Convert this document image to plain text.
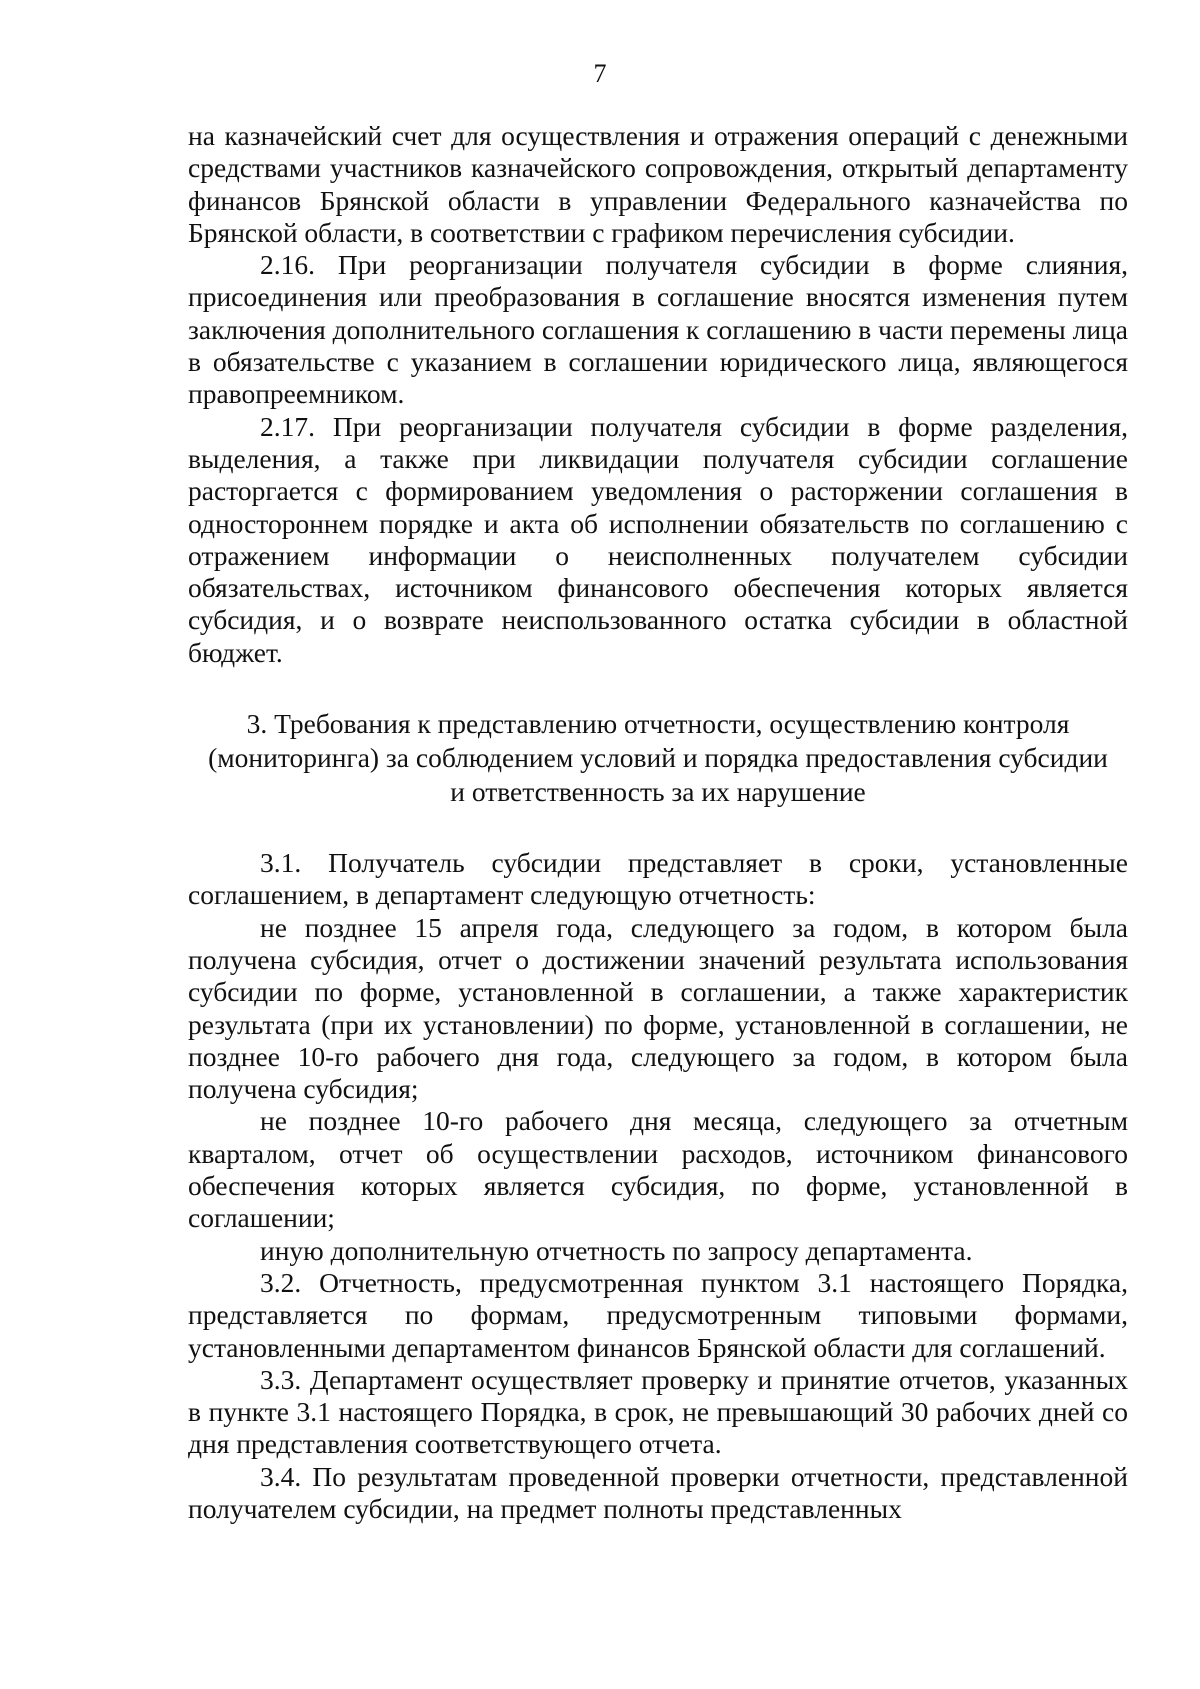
7

на казначейский счет для осуществления и отражения операций с денежными средствами участников казначейского сопровождения, открытый департаменту финансов Брянской области в управлении Федерального казначейства по Брянской области, в соответствии с графиком перечисления субсидии.

2.16. При реорганизации получателя субсидии в форме слияния, присоединения или преобразования в соглашение вносятся изменения путем заключения дополнительного соглашения к соглашению в части перемены лица в обязательстве с указанием в соглашении юридического лица, являющегося правопреемником.

2.17. При реорганизации получателя субсидии в форме разделения, выделения, а также при ликвидации получателя субсидии соглашение расторгается с формированием уведомления о расторжении соглашения в одностороннем порядке и акта об исполнении обязательств по соглашению с отражением информации о неисполненных получателем субсидии обязательствах, источником финансового обеспечения которых является субсидия, и о возврате неиспользованного остатка субсидии в областной бюджет.

3. Требования к представлению отчетности, осуществлению контроля
(мониторинга) за соблюдением условий и порядка предоставления субсидии
и ответственность за их нарушение

3.1. Получатель субсидии представляет в сроки, установленные соглашением, в департамент следующую отчетность:

не позднее 15 апреля года, следующего за годом, в котором была получена субсидия, отчет о достижении значений результата использования субсидии по форме, установленной в соглашении, а также характеристик результата (при их установлении) по форме, установленной в соглашении, не позднее 10-го рабочего дня года, следующего за годом, в котором была получена субсидия;

не позднее 10-го рабочего дня месяца, следующего за отчетным кварталом, отчет об осуществлении расходов, источником финансового обеспечения которых является субсидия, по форме, установленной в соглашении;

иную дополнительную отчетность по запросу департамента.

3.2. Отчетность, предусмотренная пунктом 3.1 настоящего Порядка, представляется по формам, предусмотренным типовыми формами, установленными департаментом финансов Брянской области для соглашений.

3.3. Департамент осуществляет проверку и принятие отчетов, указанных в пункте 3.1 настоящего Порядка, в срок, не превышающий 30 рабочих дней со дня представления соответствующего отчета.

3.4. По результатам проведенной проверки отчетности, представленной получателем субсидии, на предмет полноты представленных
